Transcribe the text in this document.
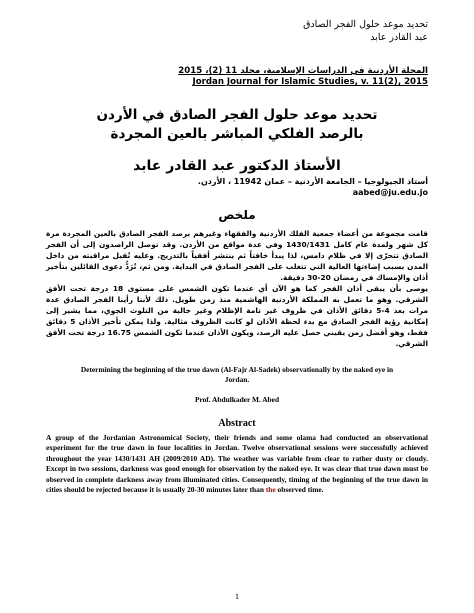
تحديد موعد حلول الفجر الصادق
عبد القادر عابد
المجلة الأردنية في الدراسات الإسلامية، مجلد 11 (2)، 2015
Jordan Journal for Islamic Studies, v. 11(2), 2015
تحديد موعد حلول الفجر الصادق في الأردن
بالرصد الفلكي المباشر بالعين المجردة
الأستاذ الدكتور عبد القادر عابد
أستاذ الجيولوجيا – الجامعة الأردنية – عمان 11942 ، الأردن.
aabed@ju.edu.jo
ملخص

قامت مجموعة من أعضاء جمعية الفلك الأردنية والفقهاء وغيرهم برصد الفجر الصادق بالعين المجردة مرة كل شهر ولمدة عام كامل 1430/1431 وفي عدة مواقع من الأردن. وقد توصل الراصدون إلى أن الفجر الصادق تتحرّى إلا في ظلام دامس، لذا يبدأ خافتاً ثم ينتشر أفقياً بالتدريج. وعليه تُقبل مراقبته من داخل المدن بسبب إضاءتها العالية التي تتغلب على الفجر الصادق في البداية. ومن ثم، تُرَدُّ دعوى القائلين بتأخير أذان والإمساك في رمضان 20-30 دقيقة.

يوصى بأن يبقى أذان الفجر كما هو الآن أي عندما تكون الشمس على مستوى 18 درجة تحت الأفق الشرقي. وهو ما تعمل به المملكة الأردنية الهاشمية منذ زمن طويل. ذلك لأننا رأينا الفجر الصادق عدة مرات بعد 4-5 دقائق الأذان في ظروف غير تامة الإظلام وغير خالية من التلوث الجوي، مما يشير إلى إمكانية رؤية الفجر الصادق مع بدء لحظة الأذان لو كانت الظروف مثالية. ولذا يمكن تأخير الأذان 5 دقائق فقط، وهو أفضل زمن يقيني حصل عليه الرصد، ويكون الأذان عندما تكون الشمس 16.75 درجة تحت الأفق الشرقي.

Determining the beginning of the true dawn (Al-Fajr Al-Sadek) observationally by the naked eye in Jordan.
Prof. Abdulkader M. Abed
Abstract
A group of the Jordanian Astronomical Society, their friends and some olama had conducted an observational experiment for the true dawn in four localities in Jordan. Twelve observational sessions were successfully achieved throughout the year 1430/1431 AH (2009/2010 AD). The weather was variable from clear to rather dusty or cloudy. Except in two sessions, darkness was good enough for observation by the naked eye. It was clear that true dawn must be observed in complete darkness away from illuminated cities. Consequently, timing of the beginning of the true dawn in cities should be rejected because it is usually 20-30 minutes later than the observed time.
1
